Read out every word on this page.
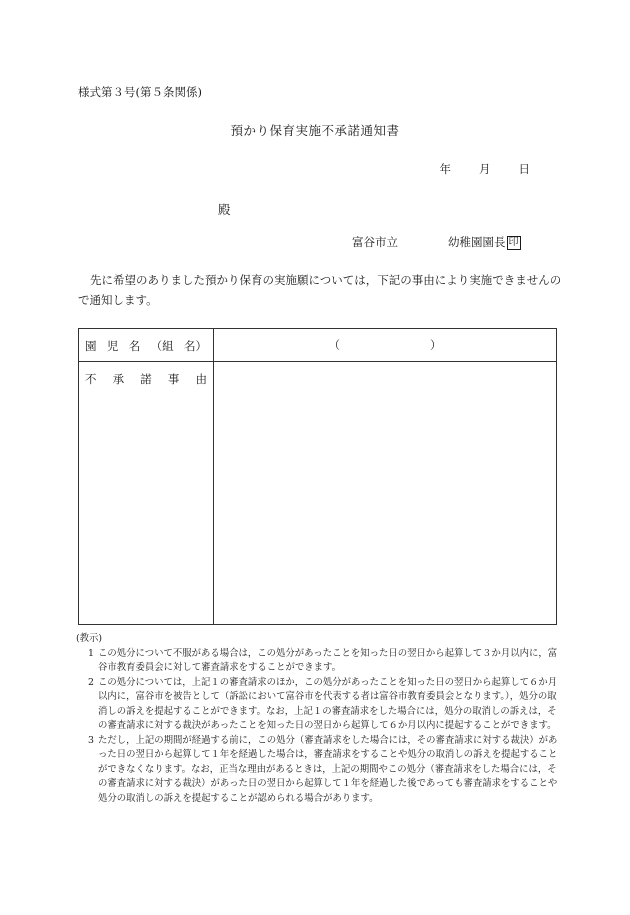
様式第３号(第５条関係)
預かり保育実施不承諾通知書
年 月 日
殿
富谷市立	幼稚園園長 印
先に希望のありました預かり保育の実施願については，下記の事由により実施できませんので通知します。
園 児 名 （組 名）	（ ）

不 承 諾 事 由	

(教示)
1 この処分について不服がある場合は，この処分があったことを知った日の翌日から起算して３か月以内に，富谷市教育委員会に対して審査請求をすることができます。
2 この処分については，上記１の審査請求のほか，この処分があったことを知った日の翌日から起算して６か月以内に，富谷市を被告として（訴訟において富谷市を代表する者は富谷市教育委員会となります。），処分の取消しの訴えを提起することができます。なお，上記１の審査請求をした場合には，処分の取消しの訴えは，その審査請求に対する裁決があったことを知った日の翌日から起算して６か月以内に提起することができます。
3 ただし，上記の期間が経過する前に，この処分（審査請求をした場合には，その審査請求に対する裁決）があった日の翌日から起算して１年を経過した場合は，審査請求をすることや処分の取消しの訴えを提起することができなくなります。なお，正当な理由があるときは，上記の期間やこの処分（審査請求をした場合には，その審査請求に対する裁決）があった日の翌日から起算して１年を経過した後であっても審査請求をすることや処分の取消しの訴えを提起することが認められる場合があります。
